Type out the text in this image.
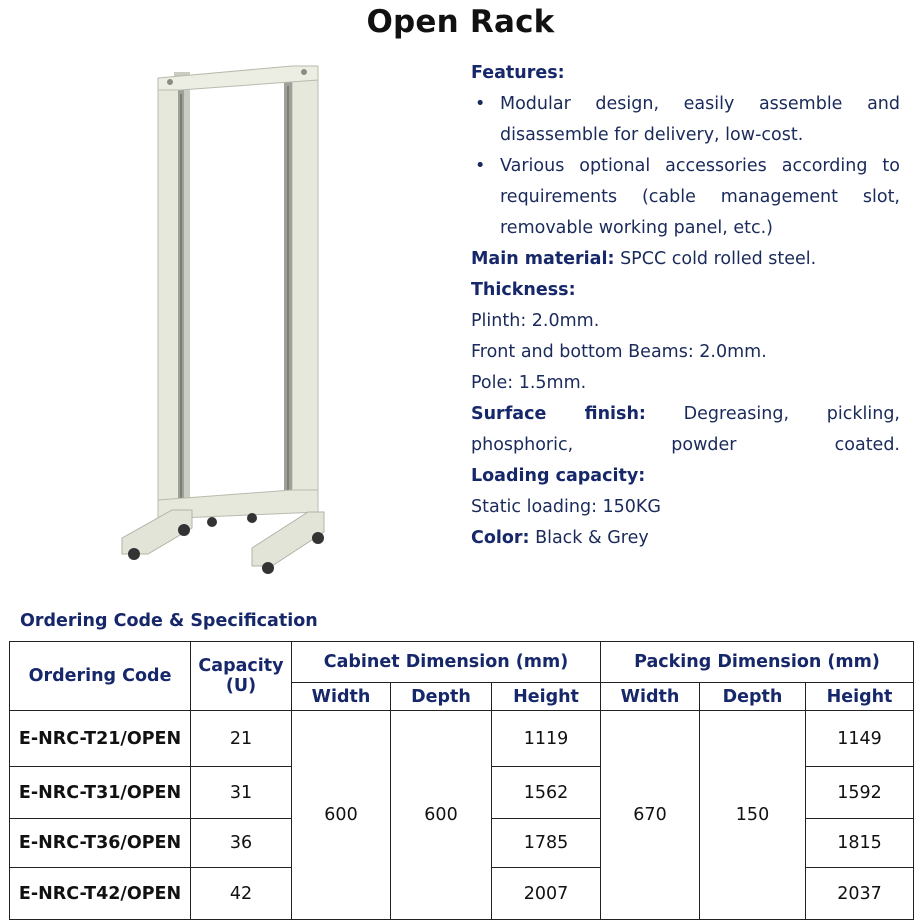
Open Rack
Features:
• Modular design, easily assemble and disassemble for delivery, low-cost.
• Various optional accessories according to requirements (cable management slot, removable working panel, etc.)
Main material: SPCC cold rolled steel.
Thickness:
Plinth: 2.0mm.
Front and bottom Beams: 2.0mm.
Pole: 1.5mm.
Surface finish: Degreasing, pickling, phosphoric, powder coated.
Loading capacity:
Static loading: 150KG
Color: Black & Grey
Ordering Code & Specification
Ordering Code	Capacity (U)	Cabinet Dimension (mm)			Packing Dimension (mm)		
		Width	Depth	Height	Width	Depth	Height
E-NRC-T21/OPEN	21	600	600	1119	670	150	1149
E-NRC-T31/OPEN	31			1562			1592
E-NRC-T36/OPEN	36			1785			1815
E-NRC-T42/OPEN	42			2007			2037
